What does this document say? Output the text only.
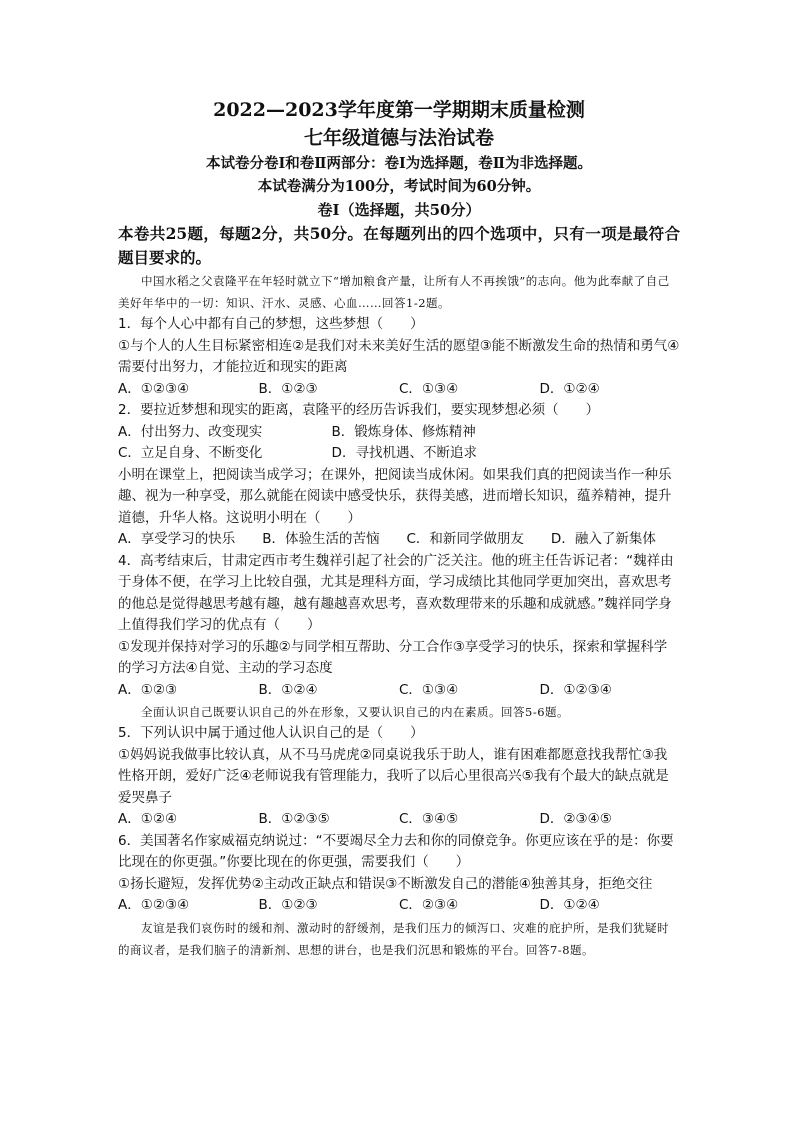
2022—2023学年度第一学期期末质量检测

七年级道德与法治试卷

本试卷分卷Ⅰ和卷Ⅱ两部分：卷Ⅰ为选择题，卷Ⅱ为非选择题。

本试卷满分为100分，考试时间为60分钟。

卷Ⅰ（选择题，共50分）

本卷共25题，每题2分，共50分。在每题列出的四个选项中，只有一项是最符合题目要求的。

中国水稻之父袁隆平在年轻时就立下“增加粮食产量，让所有人不再挨饿”的志向。他为此奉献了自己美好年华中的一切：知识、汗水、灵感、心血……回答1-2题。

1．每个人心中都有自己的梦想，这些梦想（　　）

①与个人的人生目标紧密相连②是我们对未来美好生活的愿望③能不断激发生命的热情和勇气④需要付出努力，才能拉近和现实的距离

A．①②③④	B．①②③	C．①③④	D．①②④

2．要拉近梦想和现实的距离，袁隆平的经历告诉我们，要实现梦想必须（　　）

A．付出努力、改变现实	B．锻炼身体、修炼精神

C．立足自身、不断变化	D．寻找机遇、不断追求

小明在课堂上，把阅读当成学习；在课外，把阅读当成休闲。如果我们真的把阅读当作一种乐趣、视为一种享受，那么就能在阅读中感受快乐，获得美感，进而增长知识，蕴养精神，提升道德，升华人格。这说明小明在（　　）

A．享受学习的快乐　　B．体验生活的苦恼　　C．和新同学做朋友　　D．融入了新集体

4．高考结束后，甘肃定西市考生魏祥引起了社会的广泛关注。他的班主任告诉记者：“魏祥由于身体不便，在学习上比较自强，尤其是理科方面，学习成绩比其他同学更加突出，喜欢思考的他总是觉得越思考越有趣，越有趣越喜欢思考，喜欢数理带来的乐趣和成就感。”魏祥同学身上值得我们学习的优点有（　　）

①发现并保持对学习的乐趣②与同学相互帮助、分工合作③享受学习的快乐，探索和掌握科学的学习方法④自觉、主动的学习态度

A．①②③	B．①②④	C．①③④	D．①②③④

全面认识自己既要认识自己的外在形象，又要认识自己的内在素质。回答5-6题。

5．下列认识中属于通过他人认识自己的是（　　）

①妈妈说我做事比较认真，从不马马虎虎②同桌说我乐于助人，谁有困难都愿意找我帮忙③我性格开朗，爱好广泛④老师说我有管理能力，我听了以后心里很高兴⑤我有个最大的缺点就是爱哭鼻子

A．①②④	B．①②③⑤	C．③④⑤	D．②③④⑤

6．美国著名作家威福克纳说过：“不要竭尽全力去和你的同僚竞争。你更应该在乎的是：你要比现在的你更强。”你要比现在的你更强，需要我们（　　）

①扬长避短，发挥优势②主动改正缺点和错误③不断激发自己的潜能④独善其身，拒绝交往

A．①②③④	B．①②③	C．②③④	D．①②④

友谊是我们哀伤时的缓和剂、激动时的舒缓剂，是我们压力的倾泻口、灾难的庇护所，是我们犹疑时的商议者，是我们脑子的清新剂、思想的讲台，也是我们沉思和锻炼的平台。回答7-8题。
